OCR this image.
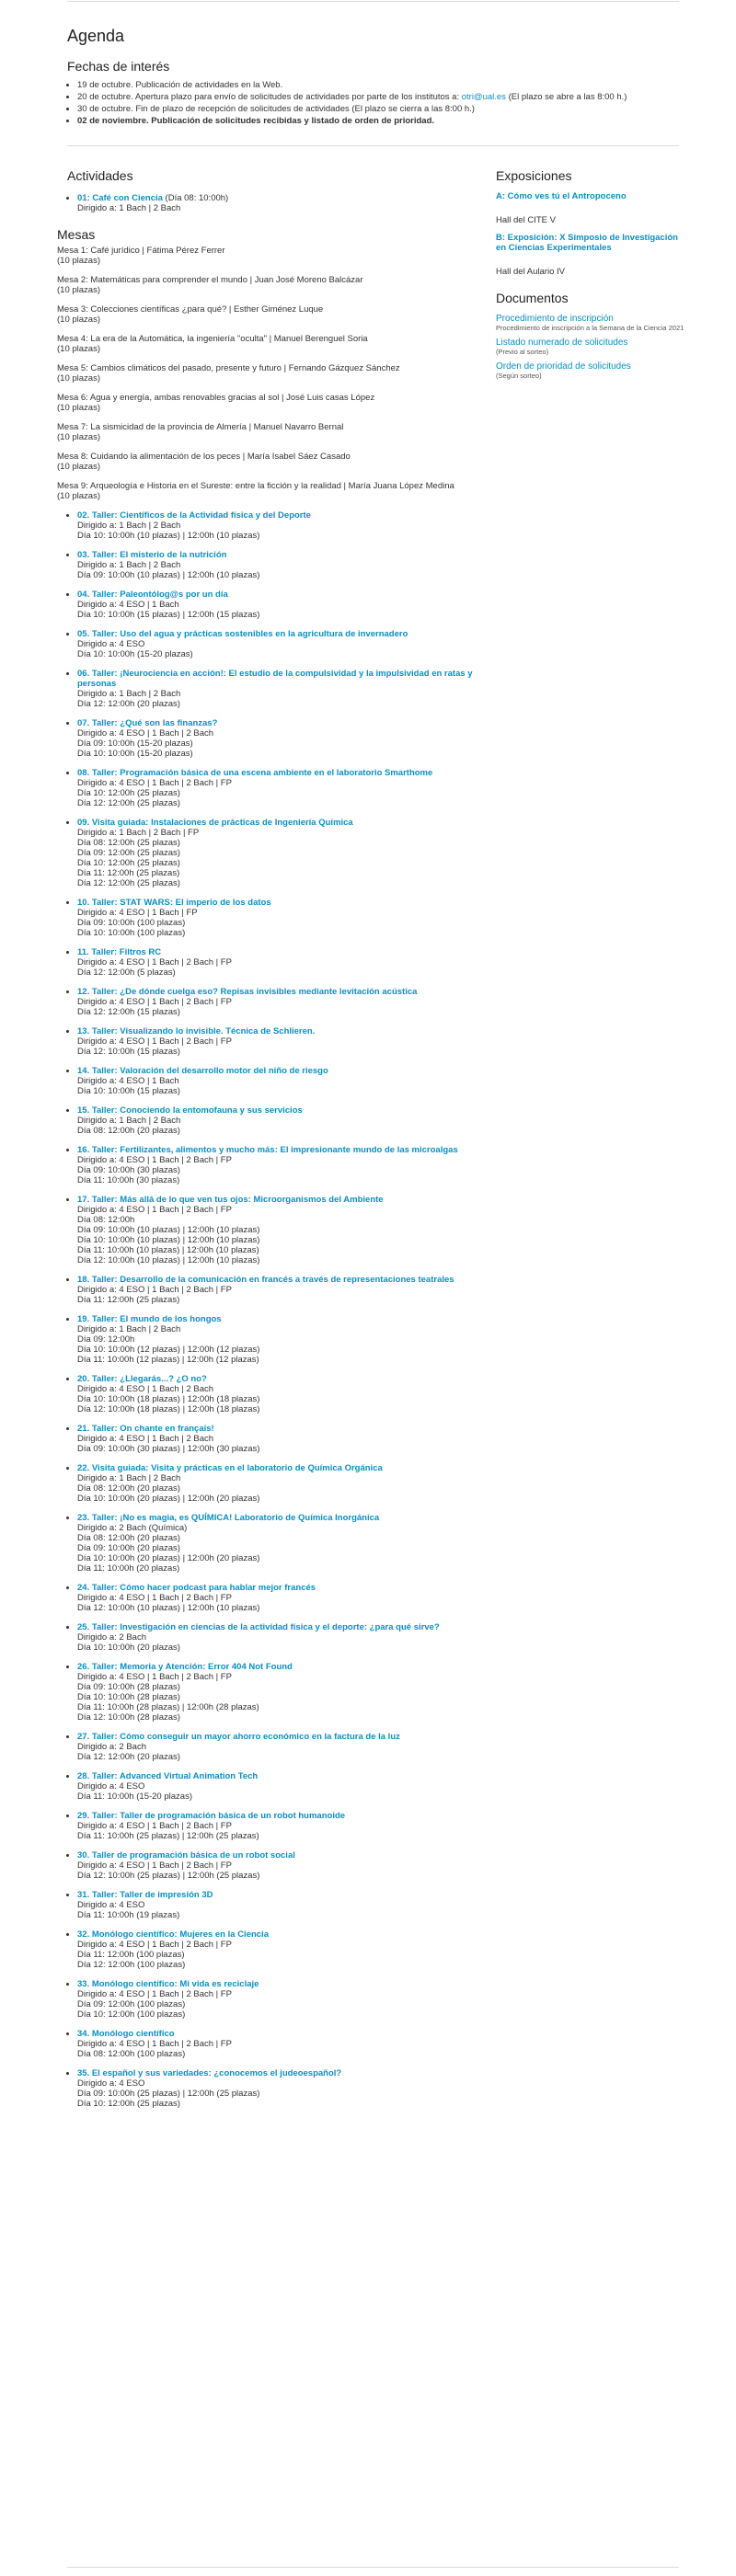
Agenda
Fechas de interés
• 19 de octubre. Publicación de actividades en la Web.
• 20 de octubre. Apertura plazo para envío de solicitudes de actividades por parte de los institutos a: otri@ual.es (El plazo se abre a las 8:00 h.)
• 30 de octubre. Fin de plazo de recepción de solicitudes de actividades (El plazo se cierra a las 8:00 h.)
• 02 de noviembre. Publicación de solicitudes recibidas y listado de orden de prioridad.
Actividades
• 01: Café con Ciencia (Día 08: 10:00h)
Dirigido a: 1 Bach | 2 Bach
Mesas
Mesa 1: Café jurídico | Fátima Pérez Ferrer
(10 plazas)
Mesa 2: Matemáticas para comprender el mundo | Juan José Moreno Balcázar
(10 plazas)
Mesa 3: Colecciones científicas ¿para qué? | Esther Giménez Luque
(10 plazas)
Mesa 4: La era de la Automática, la ingeniería "oculta" | Manuel Berenguel Soria
(10 plazas)
Mesa 5: Cambios climáticos del pasado, presente y futuro | Fernando Gázquez Sánchez
(10 plazas)
Mesa 6: Agua y energía, ambas renovables gracias al sol | José Luis casas López
(10 plazas)
Mesa 7: La sismicidad de la provincia de Almería | Manuel Navarro Bernal
(10 plazas)
Mesa 8: Cuidando la alimentación de los peces | María Isabel Sáez Casado
(10 plazas)
Mesa 9: Arqueología e Historia en el Sureste: entre la ficción y la realidad | María Juana López Medina
(10 plazas)
• 02. Taller: Científicos de la Actividad física y del Deporte
Dirigido a: 1 Bach | 2 Bach
Día 10: 10:00h (10 plazas) | 12:00h (10 plazas)
• 03. Taller: El misterio de la nutrición
Dirigido a: 1 Bach | 2 Bach
Día 09: 10:00h (10 plazas) | 12:00h (10 plazas)
• 04. Taller: Paleontólog@s por un día
Dirigido a: 4 ESO | 1 Bach
Día 10: 10:00h (15 plazas) | 12:00h (15 plazas)
• 05. Taller: Uso del agua y prácticas sostenibles en la agricultura de invernadero
Dirigido a: 4 ESO
Día 10: 10:00h (15-20 plazas)
• 06. Taller: ¡Neurociencia en acción!: El estudio de la compulsividad y la impulsividad en ratas y personas
Dirigido a: 1 Bach | 2 Bach
Día 12: 12:00h (20 plazas)
• 07. Taller: ¿Qué son las finanzas?
Dirigido a: 4 ESO | 1 Bach | 2 Bach
Día 09: 10:00h (15-20 plazas)
Día 10: 10:00h (15-20 plazas)
• 08. Taller: Programación básica de una escena ambiente en el laboratorio Smarthome
Dirigido a: 4 ESO | 1 Bach | 2 Bach | FP
Día 10: 12:00h (25 plazas)
Día 12: 12:00h (25 plazas)
• 09. Visita guiada: Instalaciones de prácticas de Ingeniería Química
Dirigido a: 1 Bach | 2 Bach | FP
Día 08: 12:00h (25 plazas)
Día 09: 12:00h (25 plazas)
Día 10: 12:00h (25 plazas)
Día 11: 12:00h (25 plazas)
Día 12: 12:00h (25 plazas)
• 10. Taller: STAT WARS: El imperio de los datos
Dirigido a: 4 ESO | 1 Bach | FP
Día 09: 10:00h (100 plazas)
Día 10: 10:00h (100 plazas)
• 11. Taller: Filtros RC
Dirigido a: 4 ESO | 1 Bach | 2 Bach | FP
Día 12: 12:00h (5 plazas)
• 12. Taller: ¿De dónde cuelga eso? Repisas invisibles mediante levitación acústica
Dirigido a: 4 ESO | 1 Bach | 2 Bach | FP
Día 12: 12:00h (15 plazas)
• 13. Taller: Visualizando lo invisible. Técnica de Schlieren.
Dirigido a: 4 ESO | 1 Bach | 2 Bach | FP
Día 12: 10:00h (15 plazas)
• 14. Taller: Valoración del desarrollo motor del niño de riesgo
Dirigido a: 4 ESO | 1 Bach
Día 10: 10:00h (15 plazas)
• 15. Taller: Conociendo la entomofauna y sus servicios
Dirigido a: 1 Bach | 2 Bach
Día 08: 12:00h (20 plazas)
• 16. Taller: Fertilizantes, alimentos y mucho más: El impresionante mundo de las microalgas
Dirigido a: 4 ESO | 1 Bach | 2 Bach | FP
Día 09: 10:00h (30 plazas)
Día 11: 10:00h (30 plazas)
• 17. Taller: Más allá de lo que ven tus ojos: Microorganismos del Ambiente
Dirigido a: 4 ESO | 1 Bach | 2 Bach | FP
Día 08: 12:00h
Día 09: 10:00h (10 plazas) | 12:00h (10 plazas)
Día 10: 10:00h (10 plazas) | 12:00h (10 plazas)
Día 11: 10:00h (10 plazas) | 12:00h (10 plazas)
Día 12: 10:00h (10 plazas) | 12:00h (10 plazas)
• 18. Taller: Desarrollo de la comunicación en francés a través de representaciones teatrales
Dirigido a: 4 ESO | 1 Bach | 2 Bach | FP
Día 11: 12:00h (25 plazas)
• 19. Taller: El mundo de los hongos
Dirigido a: 1 Bach | 2 Bach
Día 09: 12:00h
Día 10: 10:00h (12 plazas) | 12:00h (12 plazas)
Día 11: 10:00h (12 plazas) | 12:00h (12 plazas)
• 20. Taller: ¿Llegarás...? ¿O no?
Dirigido a: 4 ESO | 1 Bach | 2 Bach
Día 10: 10:00h (18 plazas) | 12:00h (18 plazas)
Día 12: 10:00h (18 plazas) | 12:00h (18 plazas)
• 21. Taller: On chante en français!
Dirigido a: 4 ESO | 1 Bach | 2 Bach
Día 09: 10:00h (30 plazas) | 12:00h (30 plazas)
• 22. Visita guiada: Visita y prácticas en el laboratorio de Química Orgánica
Dirigido a: 1 Bach | 2 Bach
Día 08: 12:00h (20 plazas)
Día 10: 10:00h (20 plazas) | 12:00h (20 plazas)
• 23. Taller: ¡No es magia, es QUÍMICA! Laboratorio de Química Inorgánica
Dirigido a: 2 Bach (Química)
Día 08: 12:00h (20 plazas)
Día 09: 10:00h (20 plazas)
Día 10: 10:00h (20 plazas) | 12:00h (20 plazas)
Día 11: 10:00h (20 plazas)
• 24. Taller: Cómo hacer podcast para hablar mejor francés
Dirigido a: 4 ESO | 1 Bach | 2 Bach | FP
Día 12: 10:00h (10 plazas) | 12:00h (10 plazas)
• 25. Taller: Investigación en ciencias de la actividad física y el deporte: ¿para qué sirve?
Dirigido a: 2 Bach
Día 10: 10:00h (20 plazas)
• 26. Taller: Memoria y Atención: Error 404 Not Found
Dirigido a: 4 ESO | 1 Bach | 2 Bach | FP
Día 09: 10:00h (28 plazas)
Día 10: 10:00h (28 plazas)
Día 11: 10:00h (28 plazas) | 12:00h (28 plazas)
Día 12: 10:00h (28 plazas)
• 27. Taller: Cómo conseguir un mayor ahorro económico en la factura de la luz
Dirigido a: 2 Bach
Día 12: 12:00h (20 plazas)
• 28. Taller: Advanced Virtual Animation Tech
Dirigido a: 4 ESO
Día 11: 10:00h (15-20 plazas)
• 29. Taller: Taller de programación básica de un robot humanoide
Dirigido a: 4 ESO | 1 Bach | 2 Bach | FP
Día 11: 10:00h (25 plazas) | 12:00h (25 plazas)
• 30. Taller de programación básica de un robot social
Dirigido a: 4 ESO | 1 Bach | 2 Bach | FP
Día 12: 10:00h (25 plazas) | 12:00h (25 plazas)
• 31. Taller: Taller de impresión 3D
Dirigido a: 4 ESO
Día 11: 10:00h (19 plazas)
• 32. Monólogo científico: Mujeres en la Ciencia
Dirigido a: 4 ESO | 1 Bach | 2 Bach | FP
Día 11: 12:00h (100 plazas)
Día 12: 12:00h (100 plazas)
• 33. Monólogo científico: Mi vida es reciclaje
Dirigido a: 4 ESO | 1 Bach | 2 Bach | FP
Día 09: 12:00h (100 plazas)
Día 10: 12:00h (100 plazas)
• 34. Monólogo científico
Dirigido a: 4 ESO | 1 Bach | 2 Bach | FP
Día 08: 12:00h (100 plazas)
• 35. El español y sus variedades: ¿conocemos el judeoespañol?
Dirigido a: 4 ESO
Día 09: 10:00h (25 plazas) | 12:00h (25 plazas)
Día 10: 12:00h (25 plazas)
Exposiciones
A: Cómo ves tú el Antropoceno
Hall del CITE V
B: Exposición: X Simposio de Investigación en Ciencias Experimentales
Hall del Aulario IV
Documentos
Procedimiento de inscripción
Procedimiento de inscripción a la Semana de la Ciencia 2021
Listado numerado de solicitudes
(Previo al sorteo)
Orden de prioridad de solicitudes
(Según sorteo)
